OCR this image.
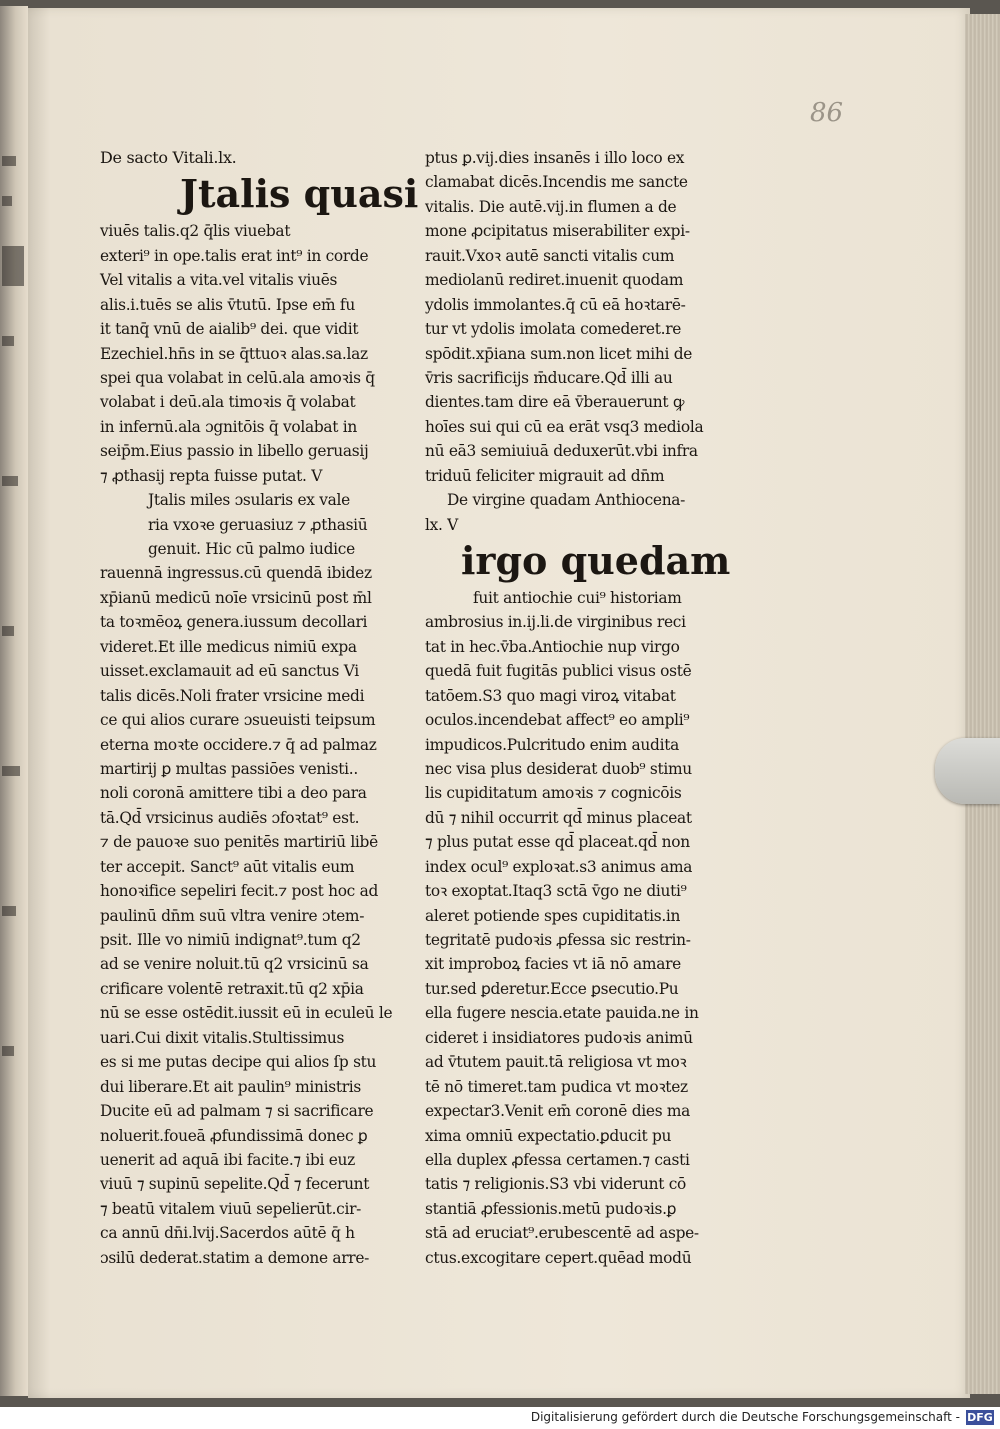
86

De sacto Vitali.lx.

Jtalis quasi

viuēs talis.q2 q̄lis viuebat

exteri⁹ in ope.talis erat int⁹ in corde

Vel vitalis a vita.vel vitalis viuēs

alis.i.tuēs se alis v̄tutū. Ipse em̄ fu

it tanq̄ vnū de aialib⁹ dei. que vidit

Ezechiel.hn̄s in se q̄ttuoꝛ alas.sa.laz

spei qua volabat in celū.ala amoꝛis q̄

volabat i deū.ala timoꝛis q̄ volabat

in infernū.ala ɔgnitōis q̄ volabat in

seip̄m.Eius passio in libello geruasij

⁊ ꝓthasij repta fuisse putat. V

Jtalis miles ɔsularis ex vale

ria vxoꝛe geruasiuz ⁊ ꝓthasiū

genuit. Hic cū palmo iudice

rauennā ingressus.cū quendā ibidez

xp̄ianū medicū noīe vrsicinū post m̄l

ta toꝛmēoꝝ genera.iussum decollari

videret.Et ille medicus nimiū expa

uisset.exclamauit ad eū sanctus Vi

talis dicēs.Noli frater vrsicine medi

ce qui alios curare ɔsueuisti teipsum

eterna moꝛte occidere.⁊ q̄ ad palmaz

martirij ꝑ multas passiōes venisti..

noli coronā amittere tibi a deo para

tā.Qd̄ vrsicinus audiēs ɔfoꝛtat⁹ est.

⁊ de pauoꝛe suo penitēs martiriū libē

ter accepit. Sanct⁹ aūt vitalis eum

honoꝛifice sepeliri fecit.⁊ post hoc ad

paulinū dn̄m suū vltra venire ɔtem-

psit. Ille vo nimiū indignat⁹.tum q2

ad se venire noluit.tū q2 vrsicinū sa

crificare volentē retraxit.tū q2 xp̄ia

nū se esse ostēdit.iussit eū in eculeū le

uari.Cui dixit vitalis.Stultissimus

es si me putas decipe qui alios ſp stu

dui liberare.Et ait paulin⁹ ministris

Ducite eū ad palmam ⁊ si sacrificare

noluerit.foueā ꝓfundissimā donec ꝑ

uenerit ad aquā ibi facite.⁊ ibi euz

viuū ⁊ supinū sepelite.Qd̄ ⁊ fecerunt

⁊ beatū vitalem viuū sepelierūt.cir-

ca annū dn̄i.lvij.Sacerdos aūtē q̄ h

ɔsilū dederat.statim a demone arre-

ptus ꝑ.vij.dies insanēs i illo loco ex

clamabat dicēs.Incendis me sancte

vitalis. Die autē.vij.in flumen a de

mone ꝓcipitatus miserabiliter expi-

rauit.Vxoꝛ autē sancti vitalis cum

mediolanū rediret.inuenit quodam

ydolis immolantes.q̄ cū eā hoꝛtarē-

tur vt ydolis imolata comederet.re

spōdit.xp̄iana sum.non licet mihi de

v̄ris sacrificijs m̄ducare.Qd̄ illi au

dientes.tam dire eā v̄berauerunt ꝙ

hoīes sui qui cū ea erāt vsq3 mediola

nū eā3 semiuiuā deduxerūt.vbi infra

triduū feliciter migrauit ad dn̄m

De virgine quadam Anthiocena-

lx. V

irgo quedam

fuit antiochie cui⁹ historiam

ambrosius in.ij.li.de virginibus reci

tat in hec.v̄ba.Antiochie nup virgo

quedā fuit fugitās publici visus ostē

tatōem.S3 quo magi viroꝝ vitabat

oculos.incendebat affect⁹ eo ampli⁹

impudicos.Pulcritudo enim audita

nec visa plus desiderat duob⁹ stimu

lis cupiditatum amoꝛis ⁊ cognicōis

dū ⁊ nihil occurrit qd̄ minus placeat

⁊ plus putat esse qd̄ placeat.qd̄ non

index ocul⁹ exploꝛat.s3 animus ama

toꝛ exoptat.Itaq3 sctā v̄go ne diuti⁹

aleret potiende spes cupiditatis.in

tegritatē pudoꝛis ꝓfessa sic restrin-

xit improboꝝ facies vt iā nō amare

tur.sed ꝑderetur.Ecce ꝑsecutio.Pu

ella fugere nescia.etate pauida.ne in

cideret i insidiatores pudoꝛis animū

ad v̄tutem pauit.tā religiosa vt moꝛ

tē nō timeret.tam pudica vt moꝛtez

expectar3.Venit em̄ coronē dies ma

xima omniū expectatio.ꝑducit pu

ella duplex ꝓfessa certamen.⁊ casti

tatis ⁊ religionis.S3 vbi viderunt cō

stantiā ꝓfessionis.metū pudoꝛis.ꝑ

stā ad eruciat⁹.erubescentē ad aspe-

ctus.excogitare cepert.quēad modū

Digitalisierung gefördert durch die Deutsche Forschungsgemeinschaft - DFG
